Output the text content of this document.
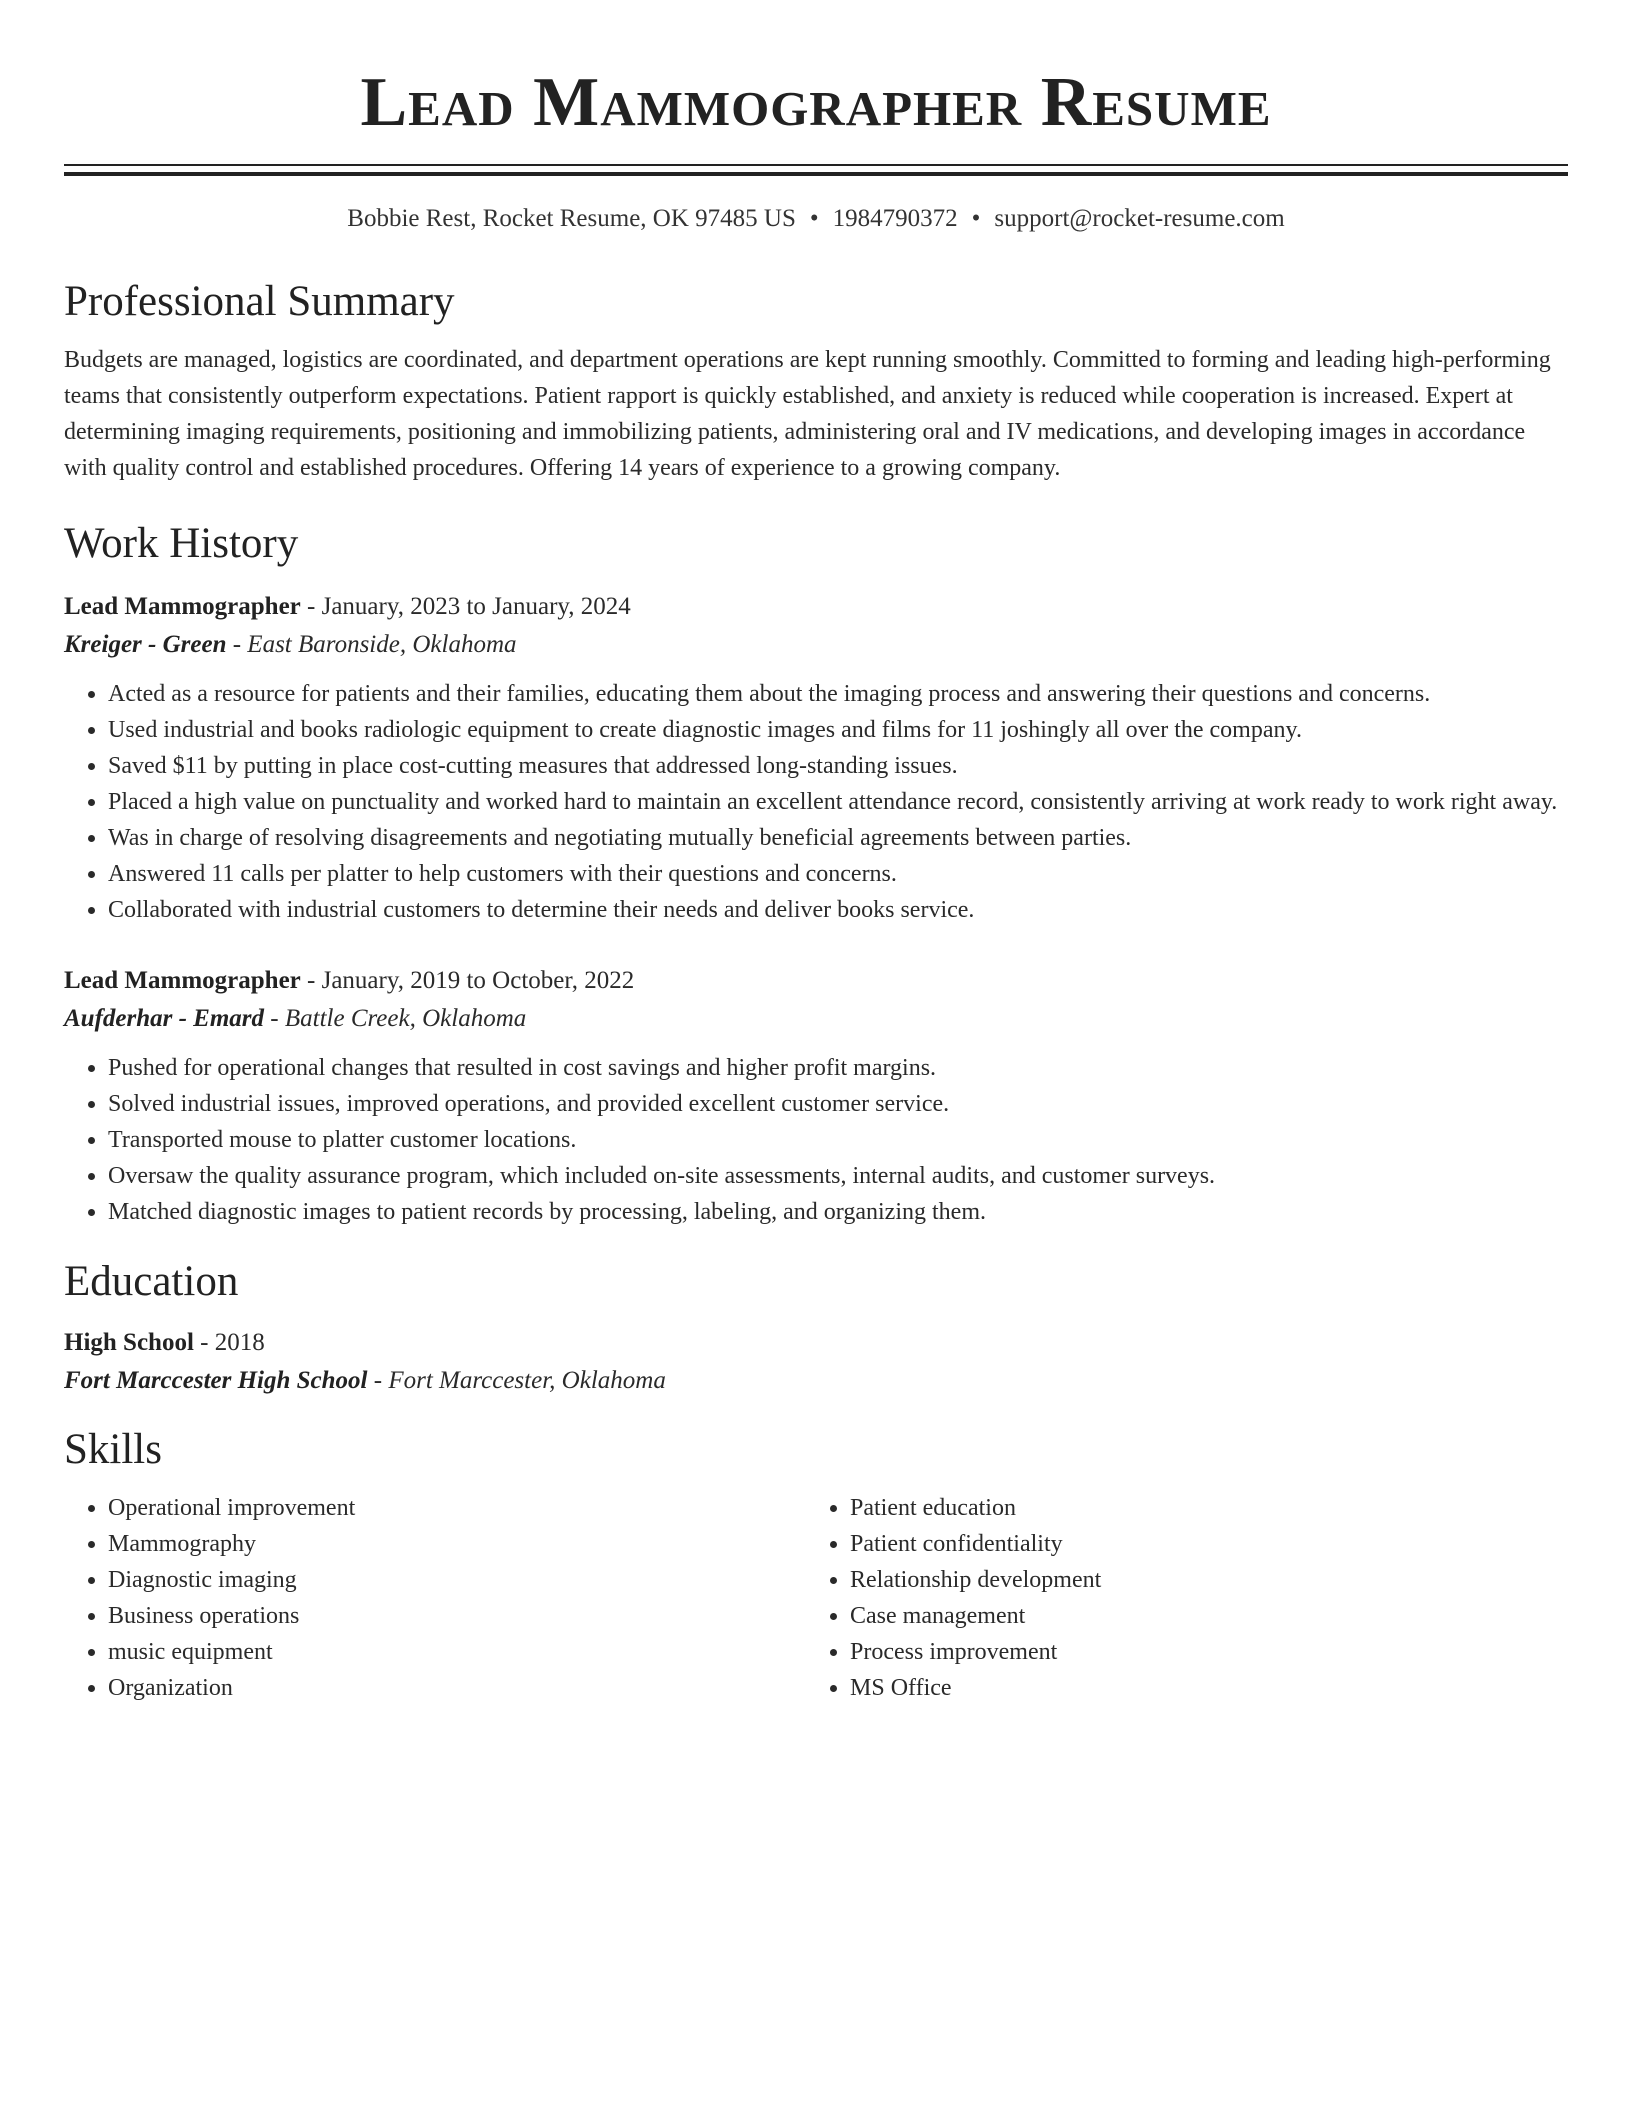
Lead Mammographer Resume
Bobbie Rest, Rocket Resume, OK 97485 US • 1984790372 • support@rocket-resume.com
Professional Summary

Budgets are managed, logistics are coordinated, and department operations are kept running smoothly. Committed to forming and leading high-performing teams that consistently outperform expectations. Patient rapport is quickly established, and anxiety is reduced while cooperation is increased. Expert at determining imaging requirements, positioning and immobilizing patients, administering oral and IV medications, and developing images in accordance with quality control and established procedures. Offering 14 years of experience to a growing company.

Work History
Lead Mammographer - January, 2023 to January, 2024
Kreiger - Green - East Baronside, Oklahoma
• Acted as a resource for patients and their families, educating them about the imaging process and answering their questions and concerns.
• Used industrial and books radiologic equipment to create diagnostic images and films for 11 joshingly all over the company.
• Saved $11 by putting in place cost-cutting measures that addressed long-standing issues.
• Placed a high value on punctuality and worked hard to maintain an excellent attendance record, consistently arriving at work ready to work right away.
• Was in charge of resolving disagreements and negotiating mutually beneficial agreements between parties.
• Answered 11 calls per platter to help customers with their questions and concerns.
• Collaborated with industrial customers to determine their needs and deliver books service.
Lead Mammographer - January, 2019 to October, 2022
Aufderhar - Emard - Battle Creek, Oklahoma
• Pushed for operational changes that resulted in cost savings and higher profit margins.
• Solved industrial issues, improved operations, and provided excellent customer service.
• Transported mouse to platter customer locations.
• Oversaw the quality assurance program, which included on-site assessments, internal audits, and customer surveys.
• Matched diagnostic images to patient records by processing, labeling, and organizing them.
Education
High School - 2018
Fort Marccester High School - Fort Marccester, Oklahoma
Skills
• Operational improvement
• Mammography
• Diagnostic imaging
• Business operations
• music equipment
• Organization
• Patient education
• Patient confidentiality
• Relationship development
• Case management
• Process improvement
• MS Office
